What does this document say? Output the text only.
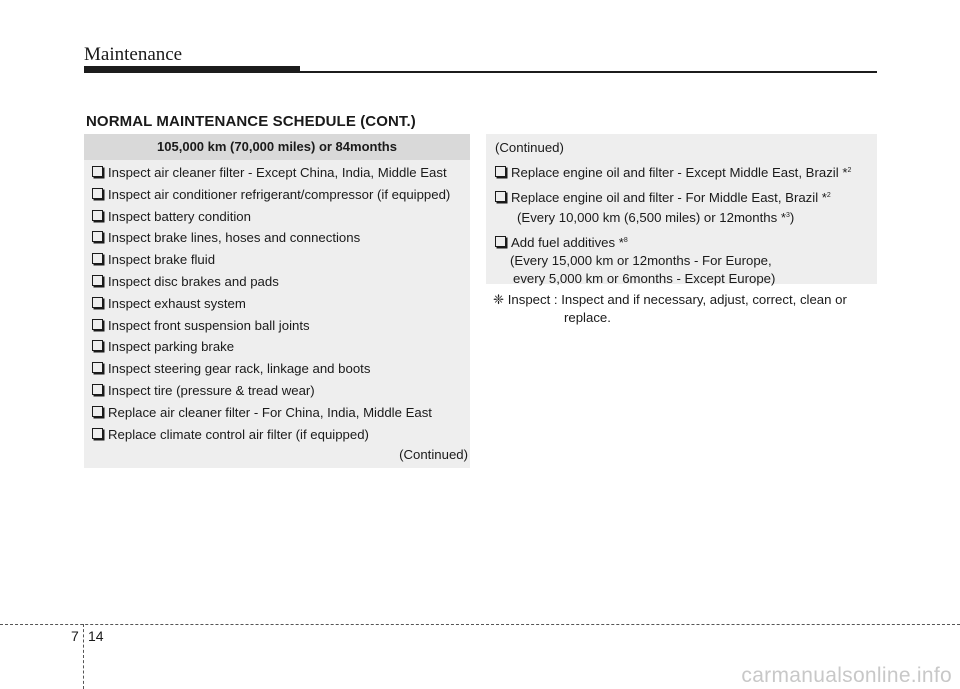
Maintenance
NORMAL MAINTENANCE SCHEDULE (CONT.)
105,000 km (70,000 miles) or 84months
Inspect air cleaner filter - Except China, India, Middle East
Inspect air conditioner refrigerant/compressor (if equipped)
Inspect battery condition
Inspect brake lines, hoses and connections
Inspect brake fluid
Inspect disc brakes and pads
Inspect exhaust system
Inspect front suspension ball joints
Inspect parking brake
Inspect steering gear rack, linkage and boots
Inspect tire (pressure & tread wear)
Replace air cleaner filter - For China, India, Middle East
Replace climate control air filter (if equipped)
(Continued)
(Continued)
Replace engine oil and filter - Except Middle East, Brazil *$^2$
Replace engine oil and filter - For Middle East, Brazil *$^2$
(Every 10,000 km (6,500 miles) or 12months *$^3$)
Add fuel additives *$^8$
(Every 15,000 km or 12months - For Europe,
every 5,000 km or 6months - Except Europe)
❈ Inspect : Inspect and if necessary, adjust, correct, clean or
replace.
7 14
carmanualsonline.info
